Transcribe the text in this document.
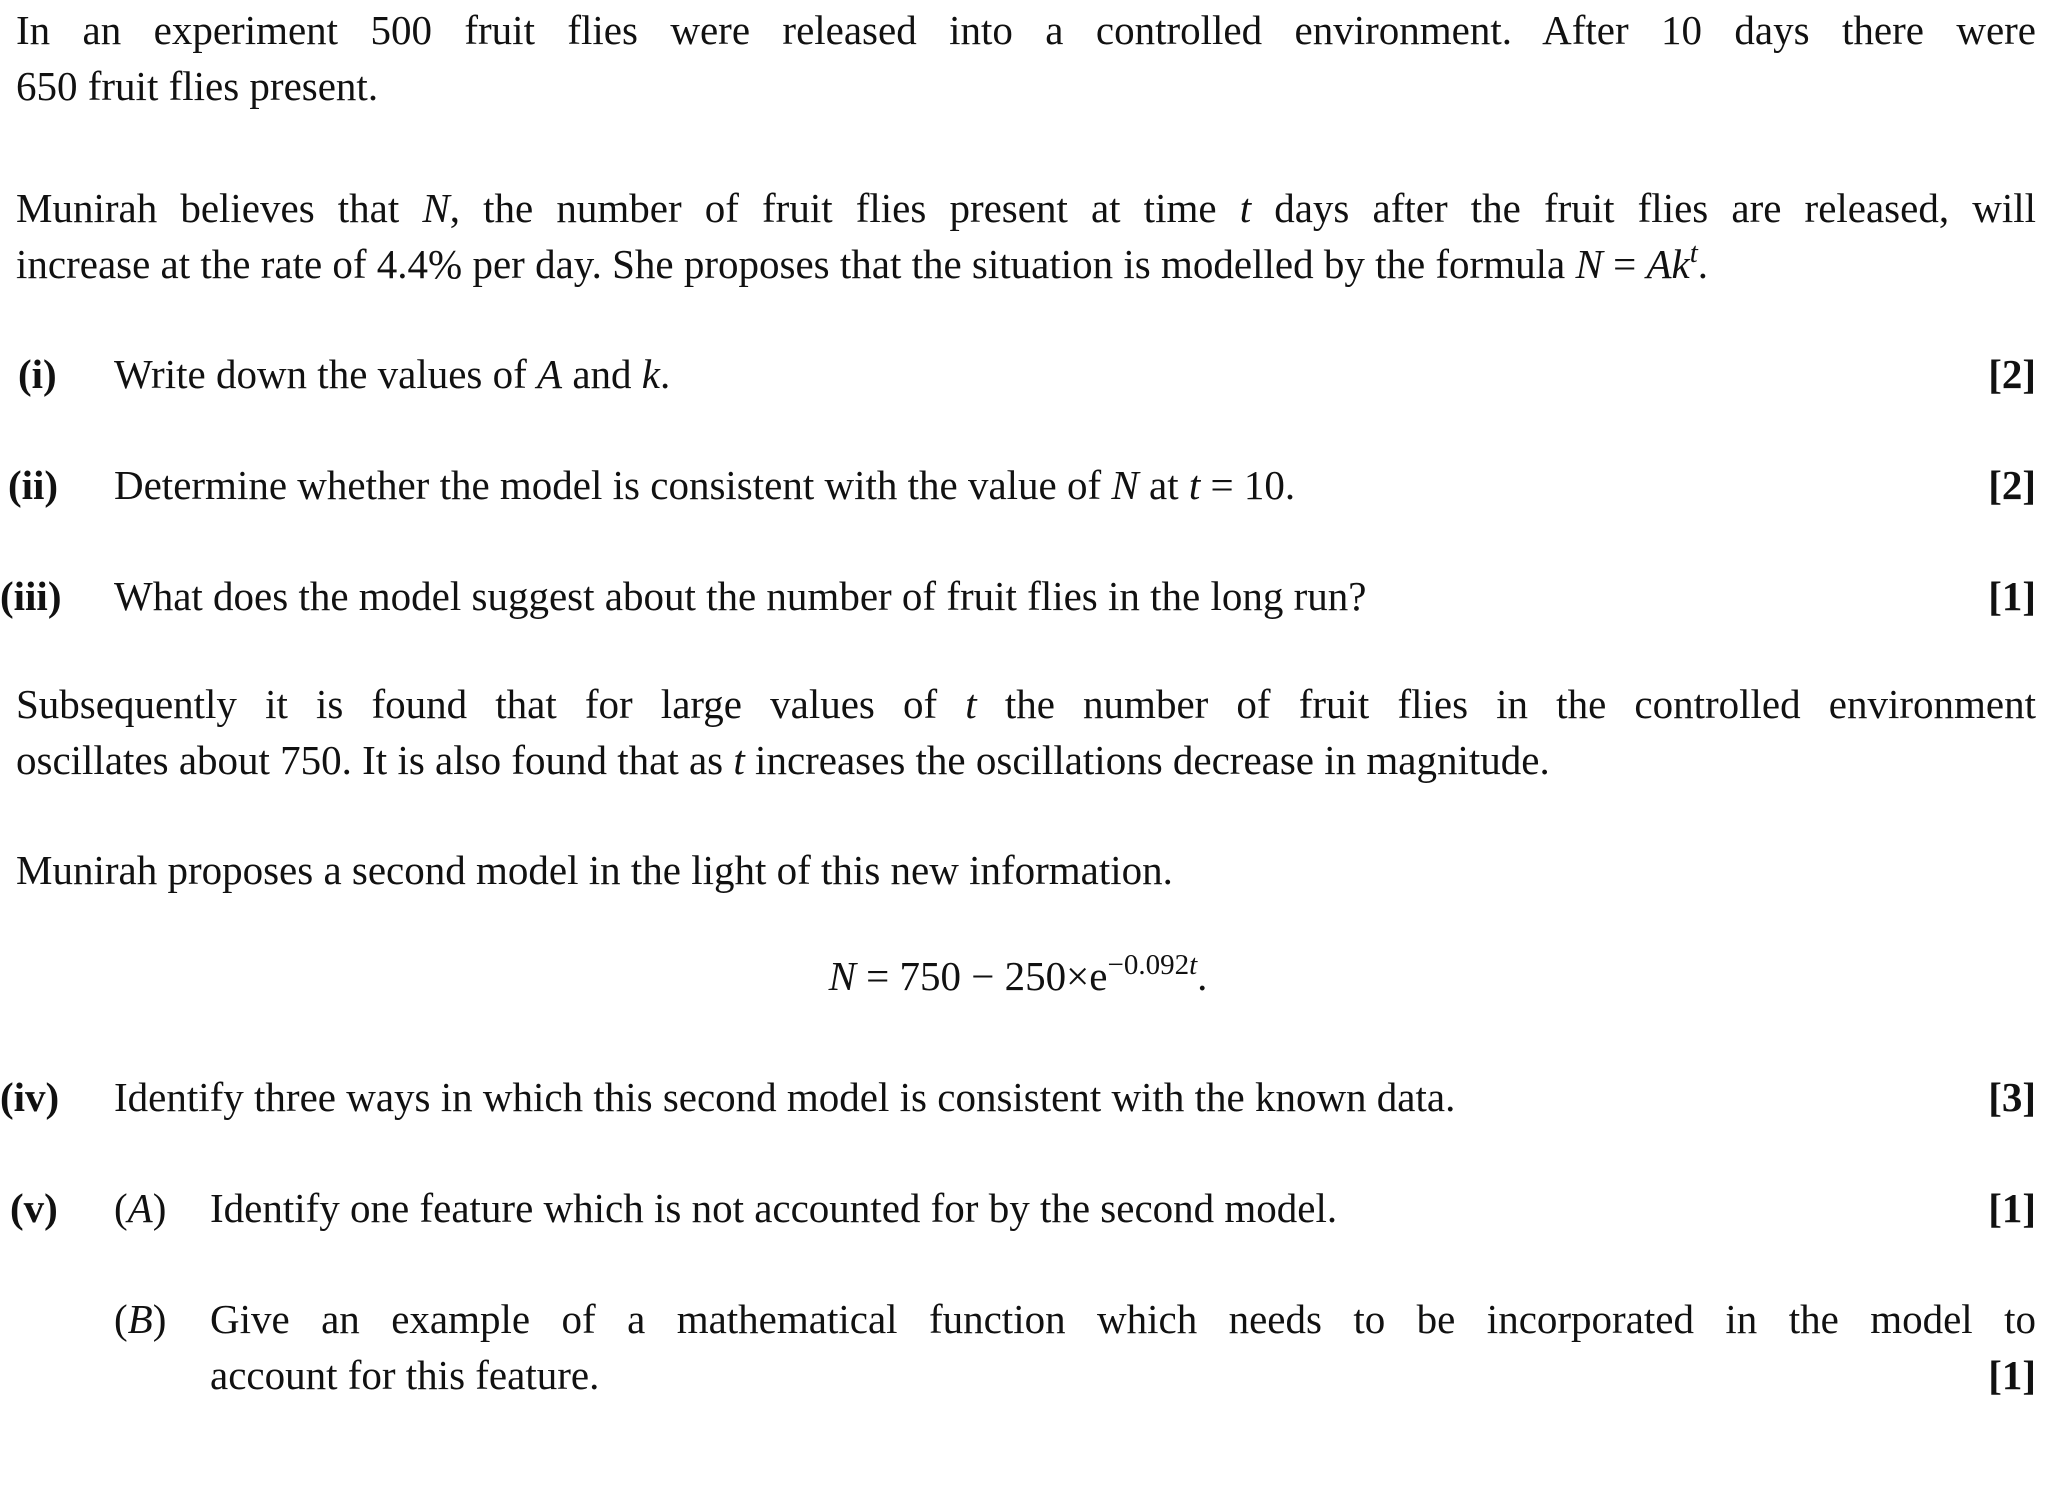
In an experiment 500 fruit flies were released into a controlled environment. After 10 days there were
650 fruit flies present.
Munirah believes that N, the number of fruit flies present at time t days after the fruit flies are released, will
increase at the rate of 4.4% per day. She proposes that the situation is modelled by the formula $N = Ak^t$.
(i) Write down the values of A and k.	[2]
(ii) Determine whether the model is consistent with the value of N at t = 10.	[2]
(iii) What does the model suggest about the number of fruit flies in the long run?	[1]
Subsequently it is found that for large values of t the number of fruit flies in the controlled environment
oscillates about 750. It is also found that as t increases the oscillations decrease in magnitude.
Munirah proposes a second model in the light of this new information.
$N = 750 - 250\times e^{-0.092t}$.
(iv) Identify three ways in which this second model is consistent with the known data.	[3]
(v) (A) Identify one feature which is not accounted for by the second model.	[1]
(B) Give an example of a mathematical function which needs to be incorporated in the model to
account for this feature.	[1]
